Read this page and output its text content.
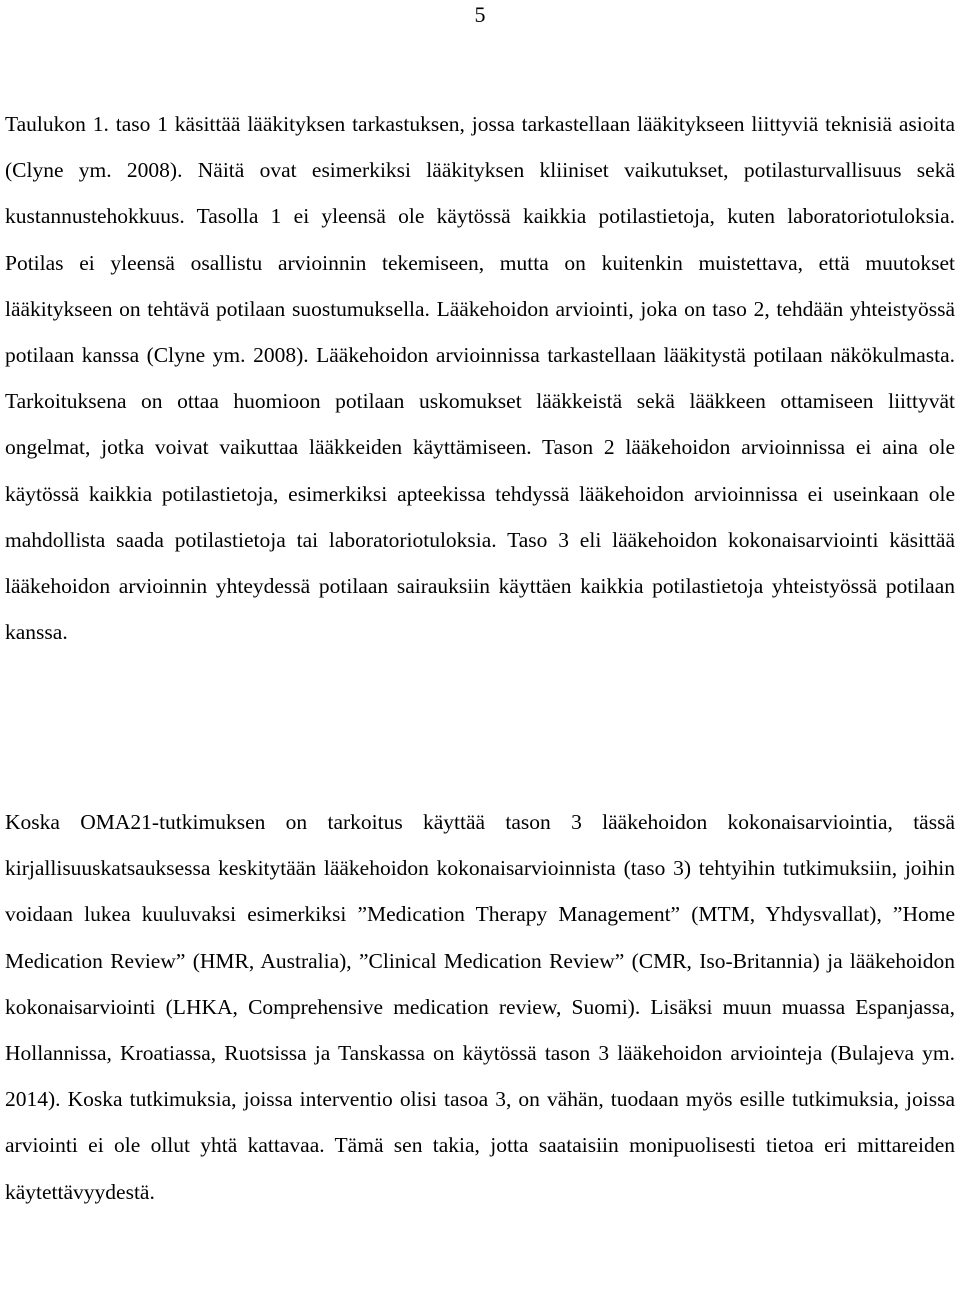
5

Taulukon 1. taso 1 käsittää lääkityksen tarkastuksen, jossa tarkastellaan lääkitykseen liittyviä teknisiä asioita (Clyne ym. 2008). Näitä ovat esimerkiksi lääkityksen kliiniset vaikutukset, potilasturvallisuus sekä kustannustehokkuus. Tasolla 1 ei yleensä ole käytössä kaikkia potilastietoja, kuten laboratoriotuloksia. Potilas ei yleensä osallistu arvioinnin tekemiseen, mutta on kuitenkin muistettava, että muutokset lääkitykseen on tehtävä potilaan suostumuksella. Lääkehoidon arviointi, joka on taso 2, tehdään yhteistyössä potilaan kanssa (Clyne ym. 2008). Lääkehoidon arvioinnissa tarkastellaan lääkitystä potilaan näkökulmasta. Tarkoituksena on ottaa huomioon potilaan uskomukset lääkkeistä sekä lääkkeen ottamiseen liittyvät ongelmat, jotka voivat vaikuttaa lääkkeiden käyttämiseen. Tason 2 lääkehoidon arvioinnissa ei aina ole käytössä kaikkia potilastietoja, esimerkiksi apteekissa tehdyssä lääkehoidon arvioinnissa ei useinkaan ole mahdollista saada potilastietoja tai laboratoriotuloksia. Taso 3 eli lääkehoidon kokonaisarviointi käsittää lääkehoidon arvioinnin yhteydessä potilaan sairauksiin käyttäen kaikkia potilastietoja yhteistyössä potilaan kanssa.

Koska OMA21-tutkimuksen on tarkoitus käyttää tason 3 lääkehoidon kokonaisarviointia, tässä kirjallisuuskatsauksessa keskitytään lääkehoidon kokonaisarvioinnista (taso 3) tehtyihin tutkimuksiin, joihin voidaan lukea kuuluvaksi esimerkiksi ”Medication Therapy Management” (MTM, Yhdysvallat), ”Home Medication Review” (HMR, Australia), ”Clinical Medication Review” (CMR, Iso-Britannia) ja lääkehoidon kokonaisarviointi (LHKA, Comprehensive medication review, Suomi). Lisäksi muun muassa Espanjassa, Hollannissa, Kroatiassa, Ruotsissa ja Tanskassa on käytössä tason 3 lääkehoidon arviointeja (Bulajeva ym. 2014). Koska tutkimuksia, joissa interventio olisi tasoa 3, on vähän, tuodaan myös esille tutkimuksia, joissa arviointi ei ole ollut yhtä kattavaa. Tämä sen takia, jotta saataisiin monipuolisesti tietoa eri mittareiden käytettävyydestä.
